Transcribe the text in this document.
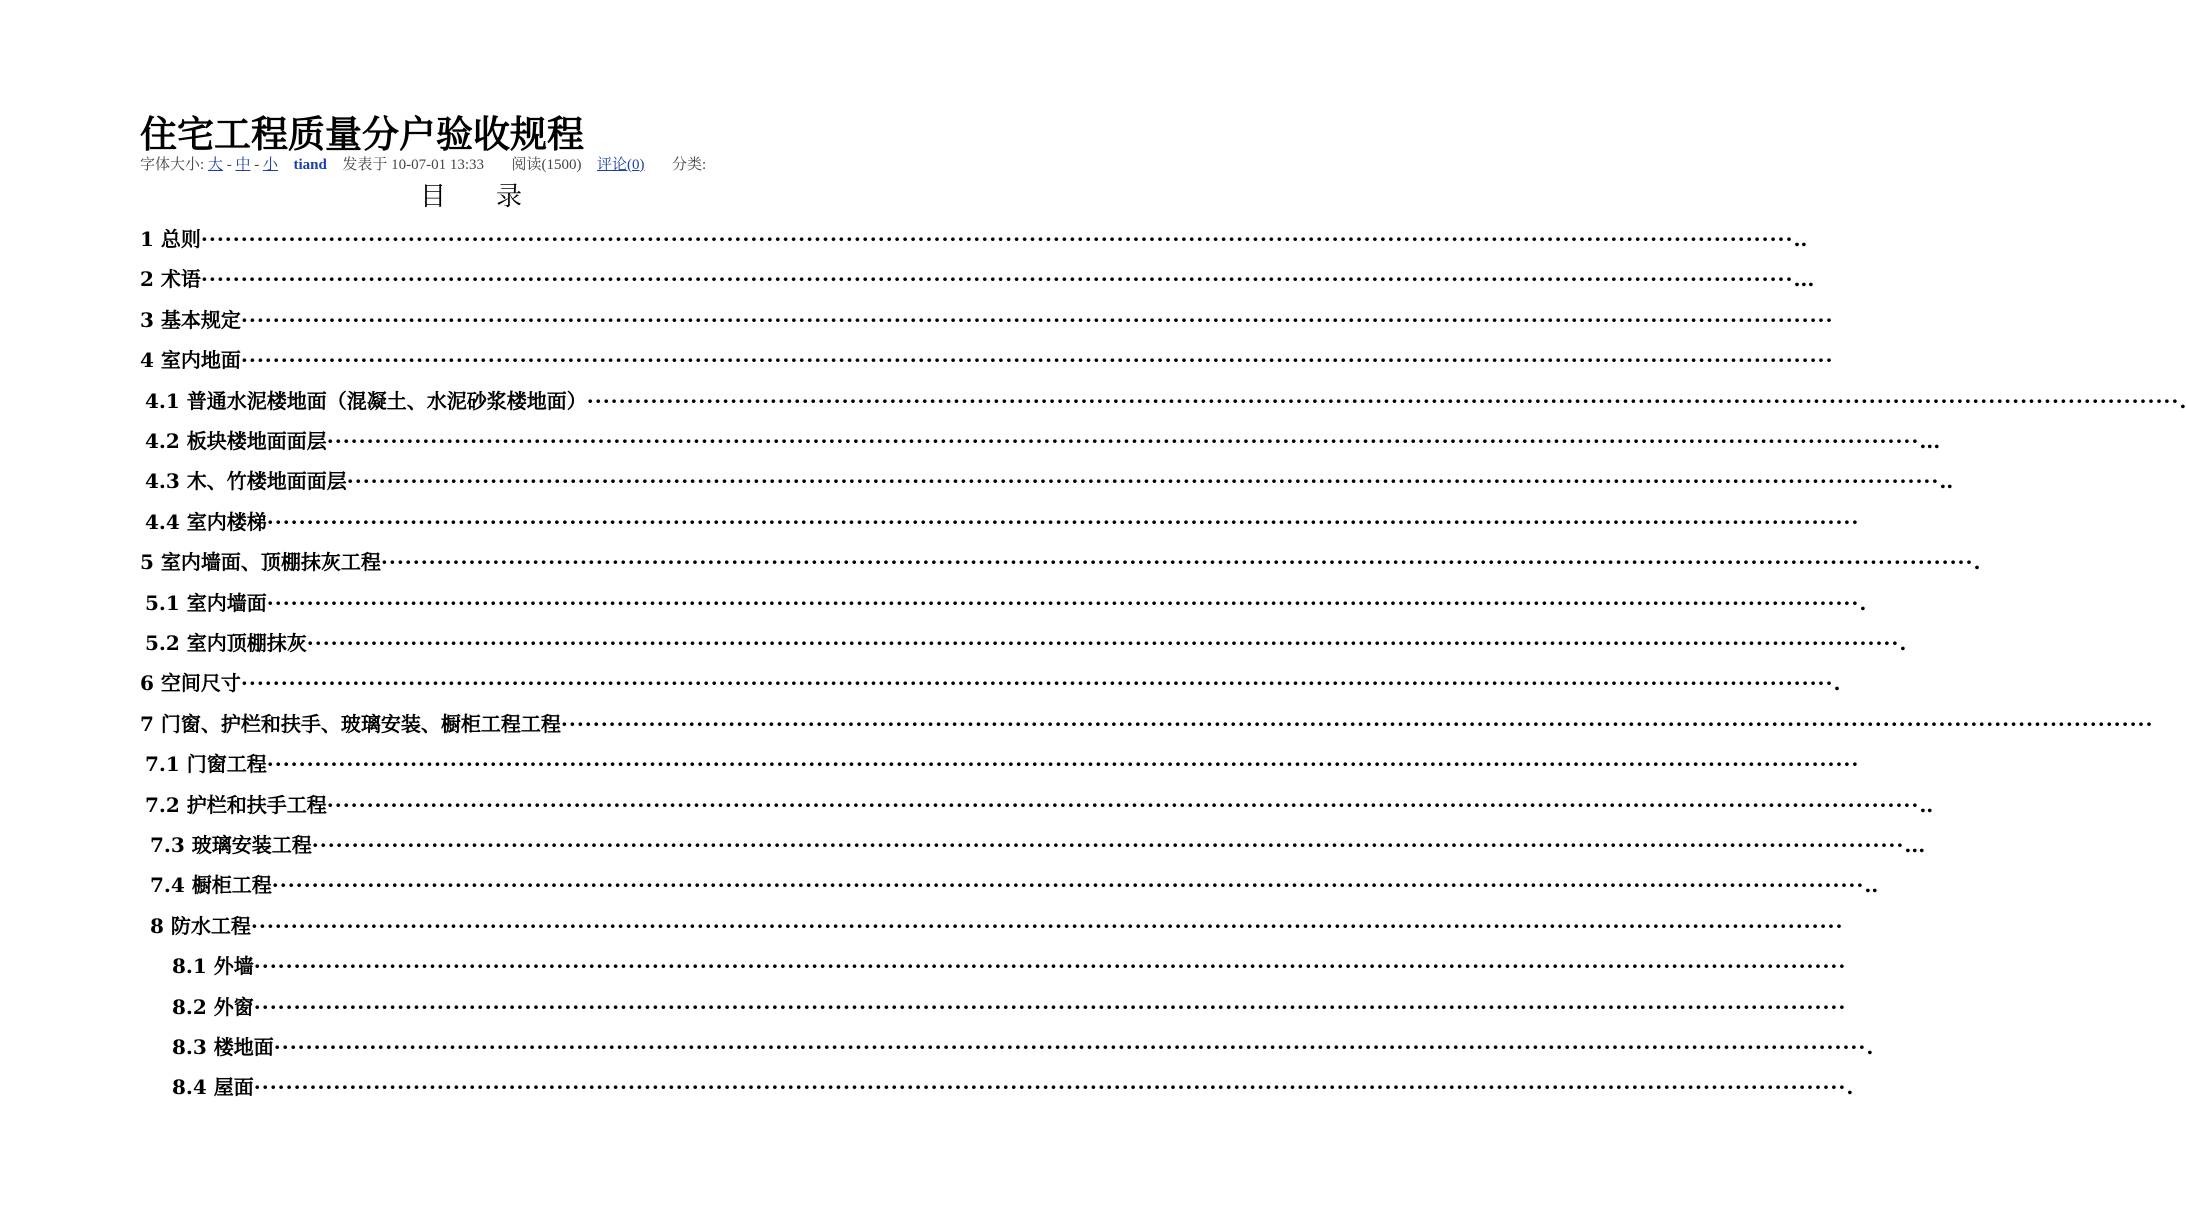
住宅工程质量分户验收规程
字体大小: 大 - 中 - 小 tiand 发表于 10-07-01 13:33 阅读(1500) 评论(0) 分类:
目 录
1 总则 ········································································································································································································ ..
2 术语 ········································································································································································································ ...
3 基本规定 ········································································································································································································
4 室内地面 ········································································································································································································
4.1 普通水泥楼地面（混凝土、水泥砂浆楼地面） ········································································································································································································ .
4.2 板块楼地面面层 ········································································································································································································ ...
4.3 木、竹楼地面面层 ········································································································································································································ ..
4.4 室内楼梯 ········································································································································································································
5 室内墙面、顶棚抹灰工程 ········································································································································································································ .
5.1 室内墙面 ········································································································································································································ .
5.2 室内顶棚抹灰 ········································································································································································································ .
6 空间尺寸 ········································································································································································································ .
7 门窗、护栏和扶手、玻璃安装、橱柜工程工程 ········································································································································································································
7.1 门窗工程 ········································································································································································································
7.2 护栏和扶手工程 ········································································································································································································ ..
7.3 玻璃安装工程 ········································································································································································································ ...
7.4 橱柜工程 ········································································································································································································ ..
8 防水工程 ········································································································································································································
8.1 外墙 ········································································································································································································
8.2 外窗 ········································································································································································································
8.3 楼地面 ········································································································································································································ .
8.4 屋面 ········································································································································································································ .
